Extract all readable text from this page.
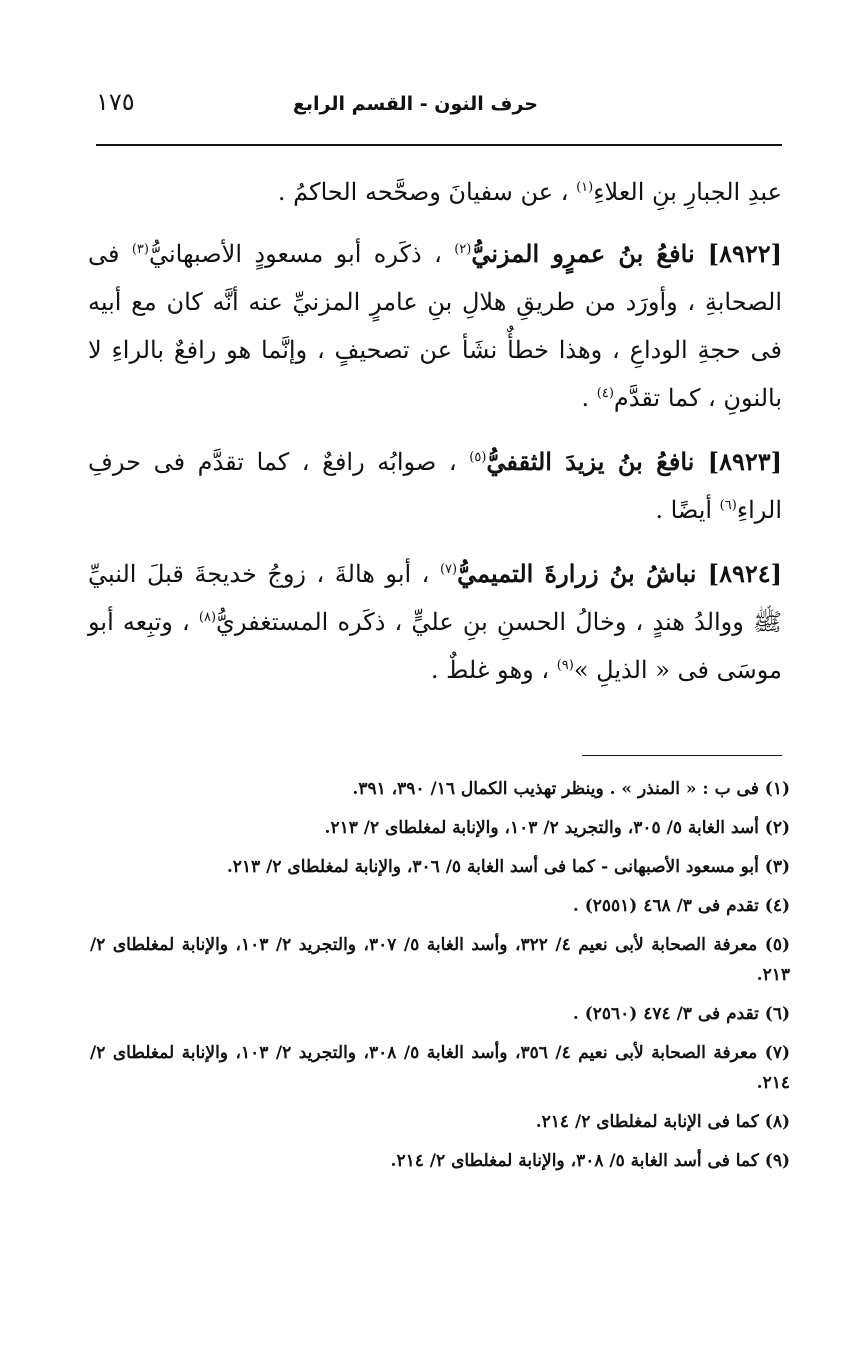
حرف النون - القسم الرابع
١٧٥

عبدِ الجبارِ بنِ العلاءِ$^{(١)}$ ، عن سفيانَ وصحَّحه الحاكمُ .

[٨٩٢٢] نافعُ بنُ عمرٍو المزنيُّ$^{(٢)}$ ، ذكَره أبو مسعودٍ الأصبهانيُّ$^{(٣)}$ فى الصحابةِ ، وأورَد من طريقِ هلالِ بنِ عامرٍ المزنيِّ عنه أنَّه كان مع أبيه فى حجةِ الوداعِ ، وهذا خطأٌ نشَأ عن تصحيفٍ ، وإنَّما هو رافعٌ بالراءِ لا بالنونِ ، كما تقدَّم$^{(٤)}$ .

[٨٩٢٣] نافعُ بنُ يزيدَ الثقفيُّ$^{(٥)}$ ، صوابُه رافعٌ ، كما تقدَّم فى حرفِ الراءِ$^{(٦)}$ أيضًا .

[٨٩٢٤] نباشُ بنُ زرارةَ التميميُّ$^{(٧)}$ ، أبو هالةَ ، زوجُ خديجةَ قبلَ النبيِّ ﷺ ووالدُ هندٍ ، وخالُ الحسنِ بنِ عليٍّ ، ذكَره المستغفريُّ$^{(٨)}$ ، وتبِعه أبو موسَى فى « الذيلِ »$^{(٩)}$ ، وهو غلطٌ .

(١) فى ب : « المنذر » . وينظر تهذيب الكمال ١٦/ ٣٩٠، ٣٩١.
(٢) أسد الغابة ٥/ ٣٠٥، والتجريد ٢/ ١٠٣، والإنابة لمغلطاى ٢/ ٢١٣.
(٣) أبو مسعود الأصبهانى - كما فى أسد الغابة ٥/ ٣٠٦، والإنابة لمغلطاى ٢/ ٢١٣.
(٤) تقدم فى ٣/ ٤٦٨ (٢٥٥١) .
(٥) معرفة الصحابة لأبى نعيم ٤/ ٣٢٢، وأسد الغابة ٥/ ٣٠٧، والتجريد ٢/ ١٠٣، والإنابة لمغلطاى ٢/ ٢١٣.
(٦) تقدم فى ٣/ ٤٧٤ (٢٥٦٠) .
(٧) معرفة الصحابة لأبى نعيم ٤/ ٣٥٦، وأسد الغابة ٥/ ٣٠٨، والتجريد ٢/ ١٠٣، والإنابة لمغلطاى ٢/ ٢١٤.
(٨) كما فى الإنابة لمغلطاى ٢/ ٢١٤.
(٩) كما فى أسد الغابة ٥/ ٣٠٨، والإنابة لمغلطاى ٢/ ٢١٤.
